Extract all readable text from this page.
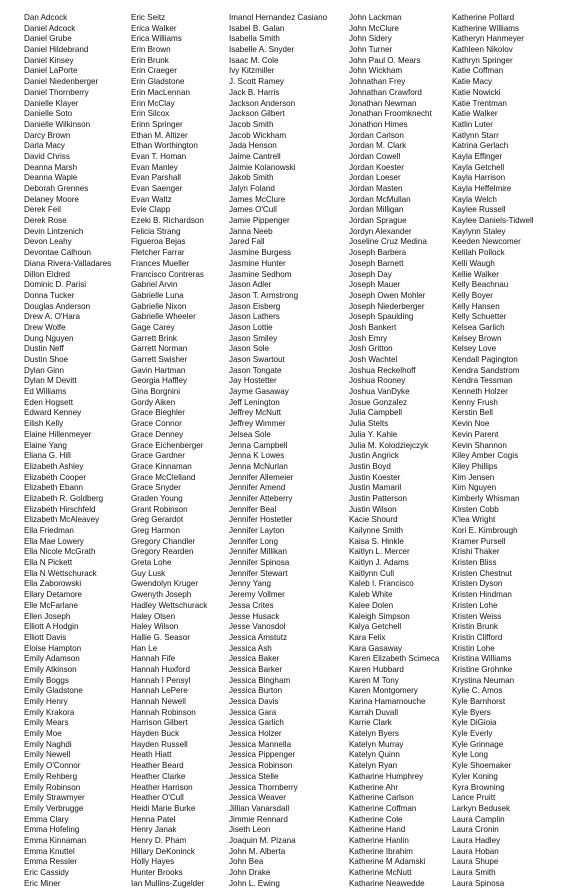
Dan Adcock
Daniel Adcock
Daniel Grube
Daniel Hildebrand
Daniel Kinsey
Daniel LaPorte
Daniel Niedenberger
Daniel Thornberry
Danielle Klayer
Danielle Soto
Danielle Wilkinson
Darcy Brown
Darla Macy
David Chriss
Deanna Marsh
Deanna Waple
Deborah Grennes
Delaney Moore
Derek Feil
Derek Rose
Devin Lintzenich
Devon Leahy
Devontae Calhoun
Diana Rivera-Valladares
Dillon Eldred
Dominic D. Parisi
Donna Tucker
Douglas Anderson
Drew A. O'Hara
Drew Wolfe
Dung Nguyen
Dustin Neff
Dustin Shoe
Dylan Ginn
Dylan M Devitt
Ed Williams
Eden Hogsett
Edward Kenney
Eilish Kelly
Elaine Hillenmeyer
Elaine Yang
Eliana G. Hill
Elizabeth Ashley
Elizabeth Cooper
Elizabeth Ebann
Elizabeth R. Goldberg
Elizabeth Hirschfeld
Elizabeth McAleavey
Ella Friedman
Ella Mae Lowery
Ella Nicole McGrath
Ella N Pickett
Ella N Wettschurack
Ella Zaborowski
Ellary Detamore
Elle McFarlane
Ellen Joseph
Elliott A Hodgin
Elliott Davis
Eloise Hampton
Emily Adamson
Emily Atkinson
Emily Boggs
Emily Gladstone
Emily Henry
Emily Krakora
Emily Mears
Emily Moe
Emily Naghdi
Emily Newell
Emily O'Connor
Emily Rehberg
Emily Robinson
Emily Strawmyer
Emily Verbrugge
Emma Clary
Emma Hofeling
Emma Kinnaman
Emma Knuttel
Emma Ressler
Eric Cassidy
Eric Miner
Eric Seitz
Erica Walker
Erica Williams
Erin Brown
Erin Brunk
Erin Craeger
Erin Gladstone
Erin MacLennan
Erin McClay
Erin Silcox
Erinn Springer
Ethan M. Altizer
Ethan Worthington
Evan T. Homan
Evan Manley
Evan Parshall
Evan Saenger
Evan Waltz
Evie Clapp
Ezeki B. Richardson
Felicia Strang
Figueroa Bejas
Fletcher Farrar
Frances Mueller
Francisco Contreras
Gabriel Arvin
Gabrielle Luna
Gabrielle Nixon
Gabrielle Wheeler
Gage Carey
Garrett Brink
Garrett Norman
Garrett Swisher
Gavin Hartman
Georgia Haffley
Gina Borgnini
Gordy Aiken
Grace Bieghler
Grace Connor
Grace Denney
Grace Eichenberger
Grace Gardner
Grace Kinnaman
Grace McClelland
Grace Snyder
Graden Young
Grant Robinson
Greg Gerardot
Greg Harmon
Gregory Chandler
Gregory Rearden
Greta Lohe
Guy Lusk
Gwendolyn Kruger
Gwenyth Joseph
Hadley Wettschurack
Haley Olsen
Haley Wilson
Hallie G. Seasor
Han Le
Hannah Fife
Hannah Huxford
Hannah I Pensyl
Hannah LePere
Hannah Newell
Hannah Robinson
Harrison Gilbert
Hayden Buck
Hayden Russell
Heath Hiatt
Heather Beard
Heather Clarke
Heather Harrison
Heather O'Cull
Heidi Marie Burke
Henna Patel
Henry Janak
Henry D. Pham
Hillary DeKoninck
Holly Hayes
Hunter Brooks
Ian Mullins-Zugelder
Imanol Hernandez Casiano
Isabel B. Galan
Isabella Smith
Isabelle A. Snyder
Isaac M. Cole
Ivy Kitzmiller
J. Scott Ramey
Jack B. Harris
Jackson Anderson
Jackson Gilbert
Jacob Smith
Jacob Wickham
Jada Henson
Jaime Cantrell
Jaimie Kolanowski
Jakob Smith
Jalyn Foland
James McClure
James O'Cull
Jamie Pippenger
Janna Neeb
Jared Fall
Jasmine Burgess
Jasmine Hunter
Jasmine Sedhom
Jason Adler
Jason T. Armstrong
Jason Eisberg
Jason Lathers
Jason Lottie
Jason Smiley
Jason Sole
Jason Swartout
Jason Tongate
Jay Hostetter
Jayme Gasaway
Jeff Lenington
Jeffrey McNutt
Jeffrey Wimmer
Jelsea Sole
Jenna Campbell
Jenna K Lowes
Jenna McNurlan
Jennifer Allemeier
Jennifer Amend
Jennifer Atteberry
Jennifer Beal
Jennifer Hostetler
Jennifer Layton
Jennifer Long
Jennifer Millikan
Jennifer Spinosa
Jennifer Stewart
Jenny Yang
Jeremy Vollmer
Jessa Crites
Jesse Husack
Jesse Vanosdol
Jessica Amstutz
Jessica Ash
Jessica Baker
Jessica Barker
Jessica Bingham
Jessica Burton
Jessica Davis
Jessica Gara
Jessica Garlich
Jessica Holzer
Jessica Mannella
Jessica Pippenger
Jessica Robinson
Jessica Stelle
Jessica Thornberry
Jessica Weaver
Jillian Vanarsdall
Jimmie Rennard
Jiseth Leon
Joaquin M. Pizana
John M. Alberta
John Bea
John Drake
John L. Ewing
John Lackman
John McClure
John Sidery
John Turner
John Paul O. Mears
John Wickham
Johnathan Frey
Johnathan Crawford
Jonathan Newman
Jonathan Froomknecht
Jonathon Himes
Jordan Carlson
Jordan M. Clark
Jordan Cowell
Jordan Koester
Jordan Loeser
Jordan Masten
Jordan McMullan
Jordan Milligan
Jordan Sprague
Jordyn Alexander
Joseline Cruz Medina
Joseph Barbera
Joseph Barnett
Joseph Day
Joseph Mauer
Joseph Owen Mohler
Joseph Niederberger
Joseph Spaulding
Josh Bankert
Josh Emry
Josh Gritton
Josh Wachtel
Joshua Reckelhoff
Joshua Rooney
Joshua VanDyke
Josue Gonzalez
Julia Campbell
Julia Stelts
Julia Y. Kahle
Julia M. Kolodziejczyk
Justin Angrick
Justin Boyd
Justin Koester
Justin Mamaril
Justin Patterson
Justin Wilson
Kacie Shourd
Kailynne Smith
Kaisa S. Hinkle
Kaitlyn L. Mercer
Kaitlyn J. Adams
Kaitlynn Cull
Kaleb I. Francisco
Kaleb White
Kalee Dolen
Kaleigh Simpson
Kalya Getchell
Kara Felix
Kara Gasaway
Karen Elizabeth Scimeca
Karen Hubbard
Karen M Tony
Karen Montgomery
Karina Hamarnouche
Karrah Duvall
Karrie Clark
Katelyn Byers
Katelyn Murray
Katelyn Quinn
Katelyn Ryan
Katharine Humphrey
Katherine Ahr
Katherine Carlson
Katherine Coffman
Katherine Cole
Katherine Hand
Katherine Hanlin
Katherine Ibrahim
Katherine M Adamski
Katherine McNutt
Katharine Neawedde
Katherine Pollard
Katherine Williams
Katheryn Hanmeyer
Kathleen Nikolov
Kathryn Springer
Katie Coffman
Katie Macy
Katie Nowicki
Katie Trentman
Katie Walker
Katlin Luter
Katlynn Starr
Katrina Gerlach
Kayla Effinger
Kayla Getchell
Kayla Harrison
Kayla Heffelmire
Kayla Welch
Kaylee Russell
Kaylee Daniels-Tidwell
Kaylynn Staley
Keeden Newcomer
Kelilah Pollock
Kelli Waugh
Kellie Walker
Kelly Beachnau
Kelly Boyer
Kelly Hansen
Kelly Schuetter
Kelsea Garlich
Kelsey Brown
Kelsey Love
Kendall Pagington
Kendra Sandstrom
Kendra Tessman
Kenneth Holzer
Kenny Frush
Kerstin Bell
Kevin Noe
Kevin Parent
Kevin Shannon
Kiley Amber Cogis
Kiley Phillips
Kim Jensen
Kim Nguyen
Kimberly Whisman
Kirsten Cobb
K'lea Wright
Kori E. Kimbrough
Kramer Pursell
Krishi Thaker
Kristen Bliss
Kristen Chestnut
Kristen Dyson
Kristen Hindman
Kristen Lohe
Kristen Weiss
Kristin Brunk
Kristin Clifford
Kristin Lohe
Kristina Williams
Kristine Grohnke
Krystina Neuman
Kylie C. Amos
Kyle Barnhorst
Kyle Byers
Kyle DiGioia
Kyle Everly
Kyle Grinnage
Kyle Long
Kyle Shoemaker
Kyler Koning
Kyra Browning
Lance Pruitt
Larkyn Bedusek
Laura Camplin
Laura Cronin
Laura Hadley
Laura Hoban
Laura Shupe
Laura Smith
Laura Spinosa
